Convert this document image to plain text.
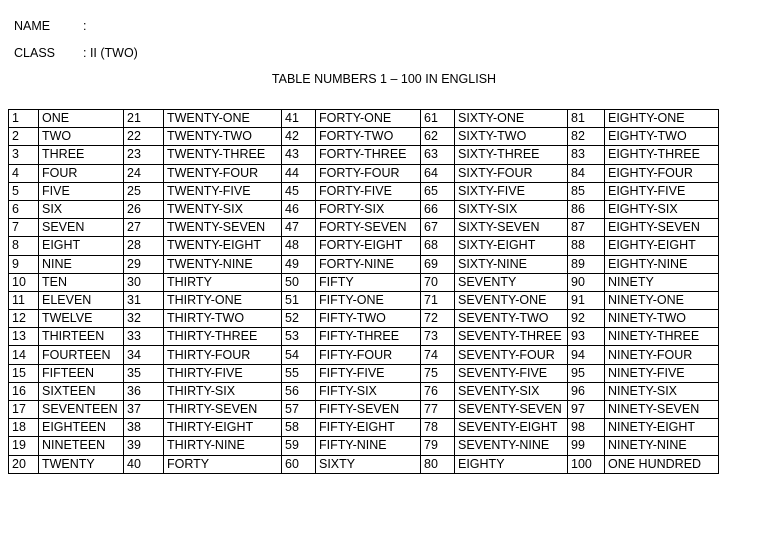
NAME	:
CLASS : II (TWO)
TABLE NUMBERS 1 – 100 IN ENGLISH
1	ONE	21	TWENTY-ONE	41	FORTY-ONE	61	SIXTY-ONE	81	EIGHTY-ONE
2	TWO	22	TWENTY-TWO	42	FORTY-TWO	62	SIXTY-TWO	82	EIGHTY-TWO
3	THREE	23	TWENTY-THREE	43	FORTY-THREE	63	SIXTY-THREE	83	EIGHTY-THREE
4	FOUR	24	TWENTY-FOUR	44	FORTY-FOUR	64	SIXTY-FOUR	84	EIGHTY-FOUR
5	FIVE	25	TWENTY-FIVE	45	FORTY-FIVE	65	SIXTY-FIVE	85	EIGHTY-FIVE
6	SIX	26	TWENTY-SIX	46	FORTY-SIX	66	SIXTY-SIX	86	EIGHTY-SIX
7	SEVEN	27	TWENTY-SEVEN	47	FORTY-SEVEN	67	SIXTY-SEVEN	87	EIGHTY-SEVEN
8	EIGHT	28	TWENTY-EIGHT	48	FORTY-EIGHT	68	SIXTY-EIGHT	88	EIGHTY-EIGHT
9	NINE	29	TWENTY-NINE	49	FORTY-NINE	69	SIXTY-NINE	89	EIGHTY-NINE
10	TEN	30	THIRTY	50	FIFTY	70	SEVENTY	90	NINETY
11	ELEVEN	31	THIRTY-ONE	51	FIFTY-ONE	71	SEVENTY-ONE	91	NINETY-ONE
12	TWELVE	32	THIRTY-TWO	52	FIFTY-TWO	72	SEVENTY-TWO	92	NINETY-TWO
13	THIRTEEN	33	THIRTY-THREE	53	FIFTY-THREE	73	SEVENTY-THREE	93	NINETY-THREE
14	FOURTEEN	34	THIRTY-FOUR	54	FIFTY-FOUR	74	SEVENTY-FOUR	94	NINETY-FOUR
15	FIFTEEN	35	THIRTY-FIVE	55	FIFTY-FIVE	75	SEVENTY-FIVE	95	NINETY-FIVE
16	SIXTEEN	36	THIRTY-SIX	56	FIFTY-SIX	76	SEVENTY-SIX	96	NINETY-SIX
17	SEVENTEEN	37	THIRTY-SEVEN	57	FIFTY-SEVEN	77	SEVENTY-SEVEN	97	NINETY-SEVEN
18	EIGHTEEN	38	THIRTY-EIGHT	58	FIFTY-EIGHT	78	SEVENTY-EIGHT	98	NINETY-EIGHT
19	NINETEEN	39	THIRTY-NINE	59	FIFTY-NINE	79	SEVENTY-NINE	99	NINETY-NINE
20	TWENTY	40	FORTY	60	SIXTY	80	EIGHTY	100	ONE HUNDRED
